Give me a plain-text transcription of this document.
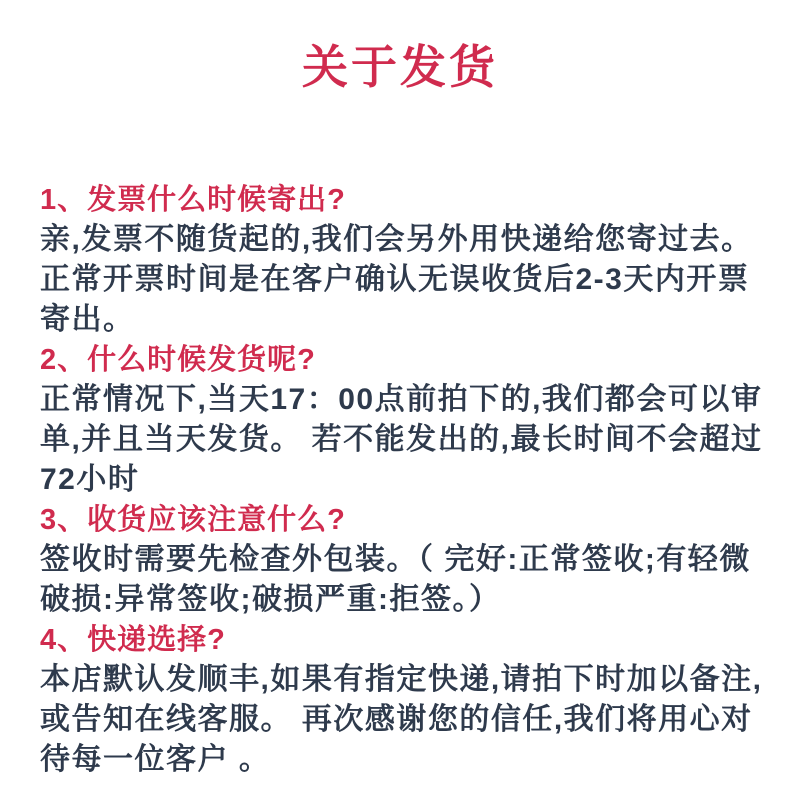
关于发货

1、发票什么时候寄出?

亲,发票不随货起的,我们会另外用快递给您寄过去。 正常开票时间是在客户确认无误收货后2-3天内开票寄出。

2、什么时候发货呢?

正常情况下,当天17：00点前拍下的,我们都会可以审单,并且当天发货。 若不能发出的,最长时间不会超过72小时

3、收货应该注意什么?

签收时需要先检查外包装。（ 完好:正常签收;有轻微破损:异常签收;破损严重:拒签。）

4、快递选择?

本店默认发顺丰,如果有指定快递,请拍下时加以备注, 或告知在线客服。 再次感谢您的信任,我们将用心对待每一位客户 。
